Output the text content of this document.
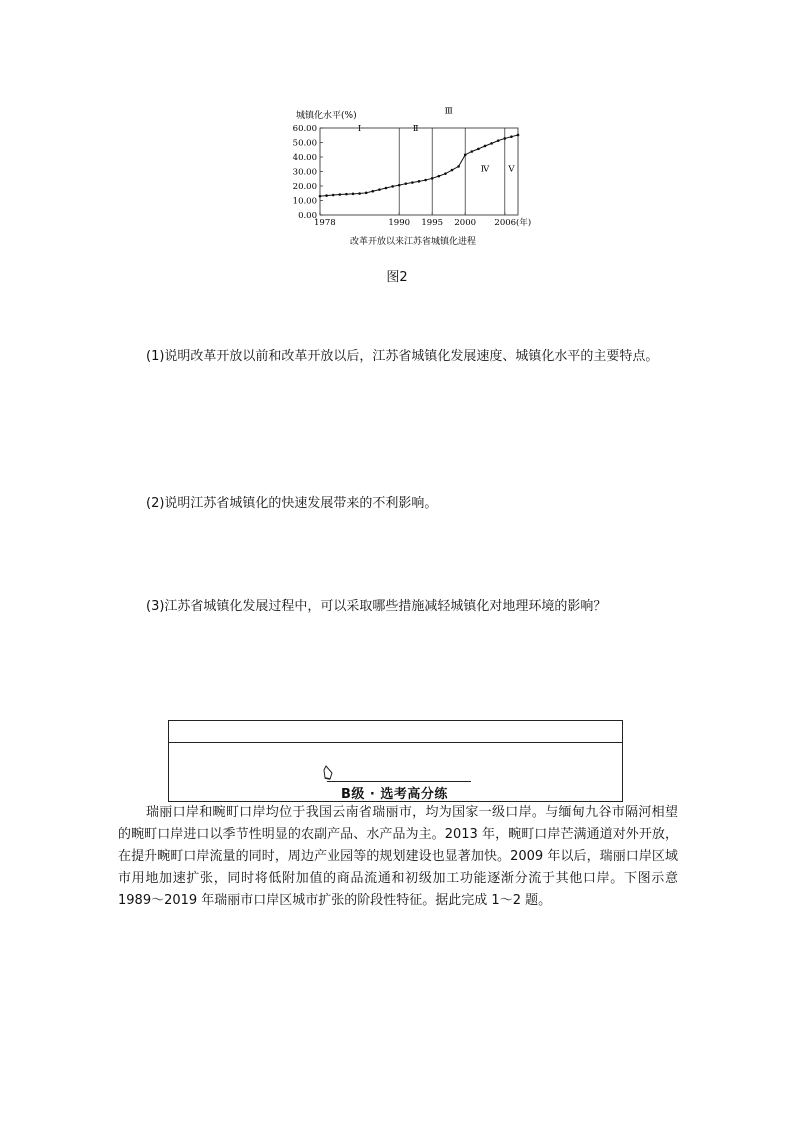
城镇化水平(%)
0.00
10.00
20.00
30.00
40.00
50.00
60.00
1978	1990 1995 2000 2006(年)
Ⅰ	Ⅱ
Ⅲ
Ⅳ Ⅴ
改革开放以来江苏省城镇化进程
图2
(1)说明改革开放以前和改革开放以后，江苏省城镇化发展速度、城镇化水平的主要特点。
(2)说明江苏省城镇化的快速发展带来的不利影响。
(3)江苏省城镇化发展过程中，可以采取哪些措施减轻城镇化对地理环境的影响？
B级 · 选考高分练
瑞丽口岸和畹町口岸均位于我国云南省瑞丽市，均为国家一级口岸。与缅甸九谷市隔河相望的畹町口岸进口以季节性明显的农副产品、水产品为主。2013 年，畹町口岸芒满通道对外开放，在提升畹町口岸流量的同时，周边产业园等的规划建设也显著加快。2009 年以后，瑞丽口岸区域市用地加速扩张，同时将低附加值的商品流通和初级加工功能逐渐分流于其他口岸。下图示意 1989～2019 年瑞丽市口岸区城市扩张的阶段性特征。据此完成 1～2 题。
